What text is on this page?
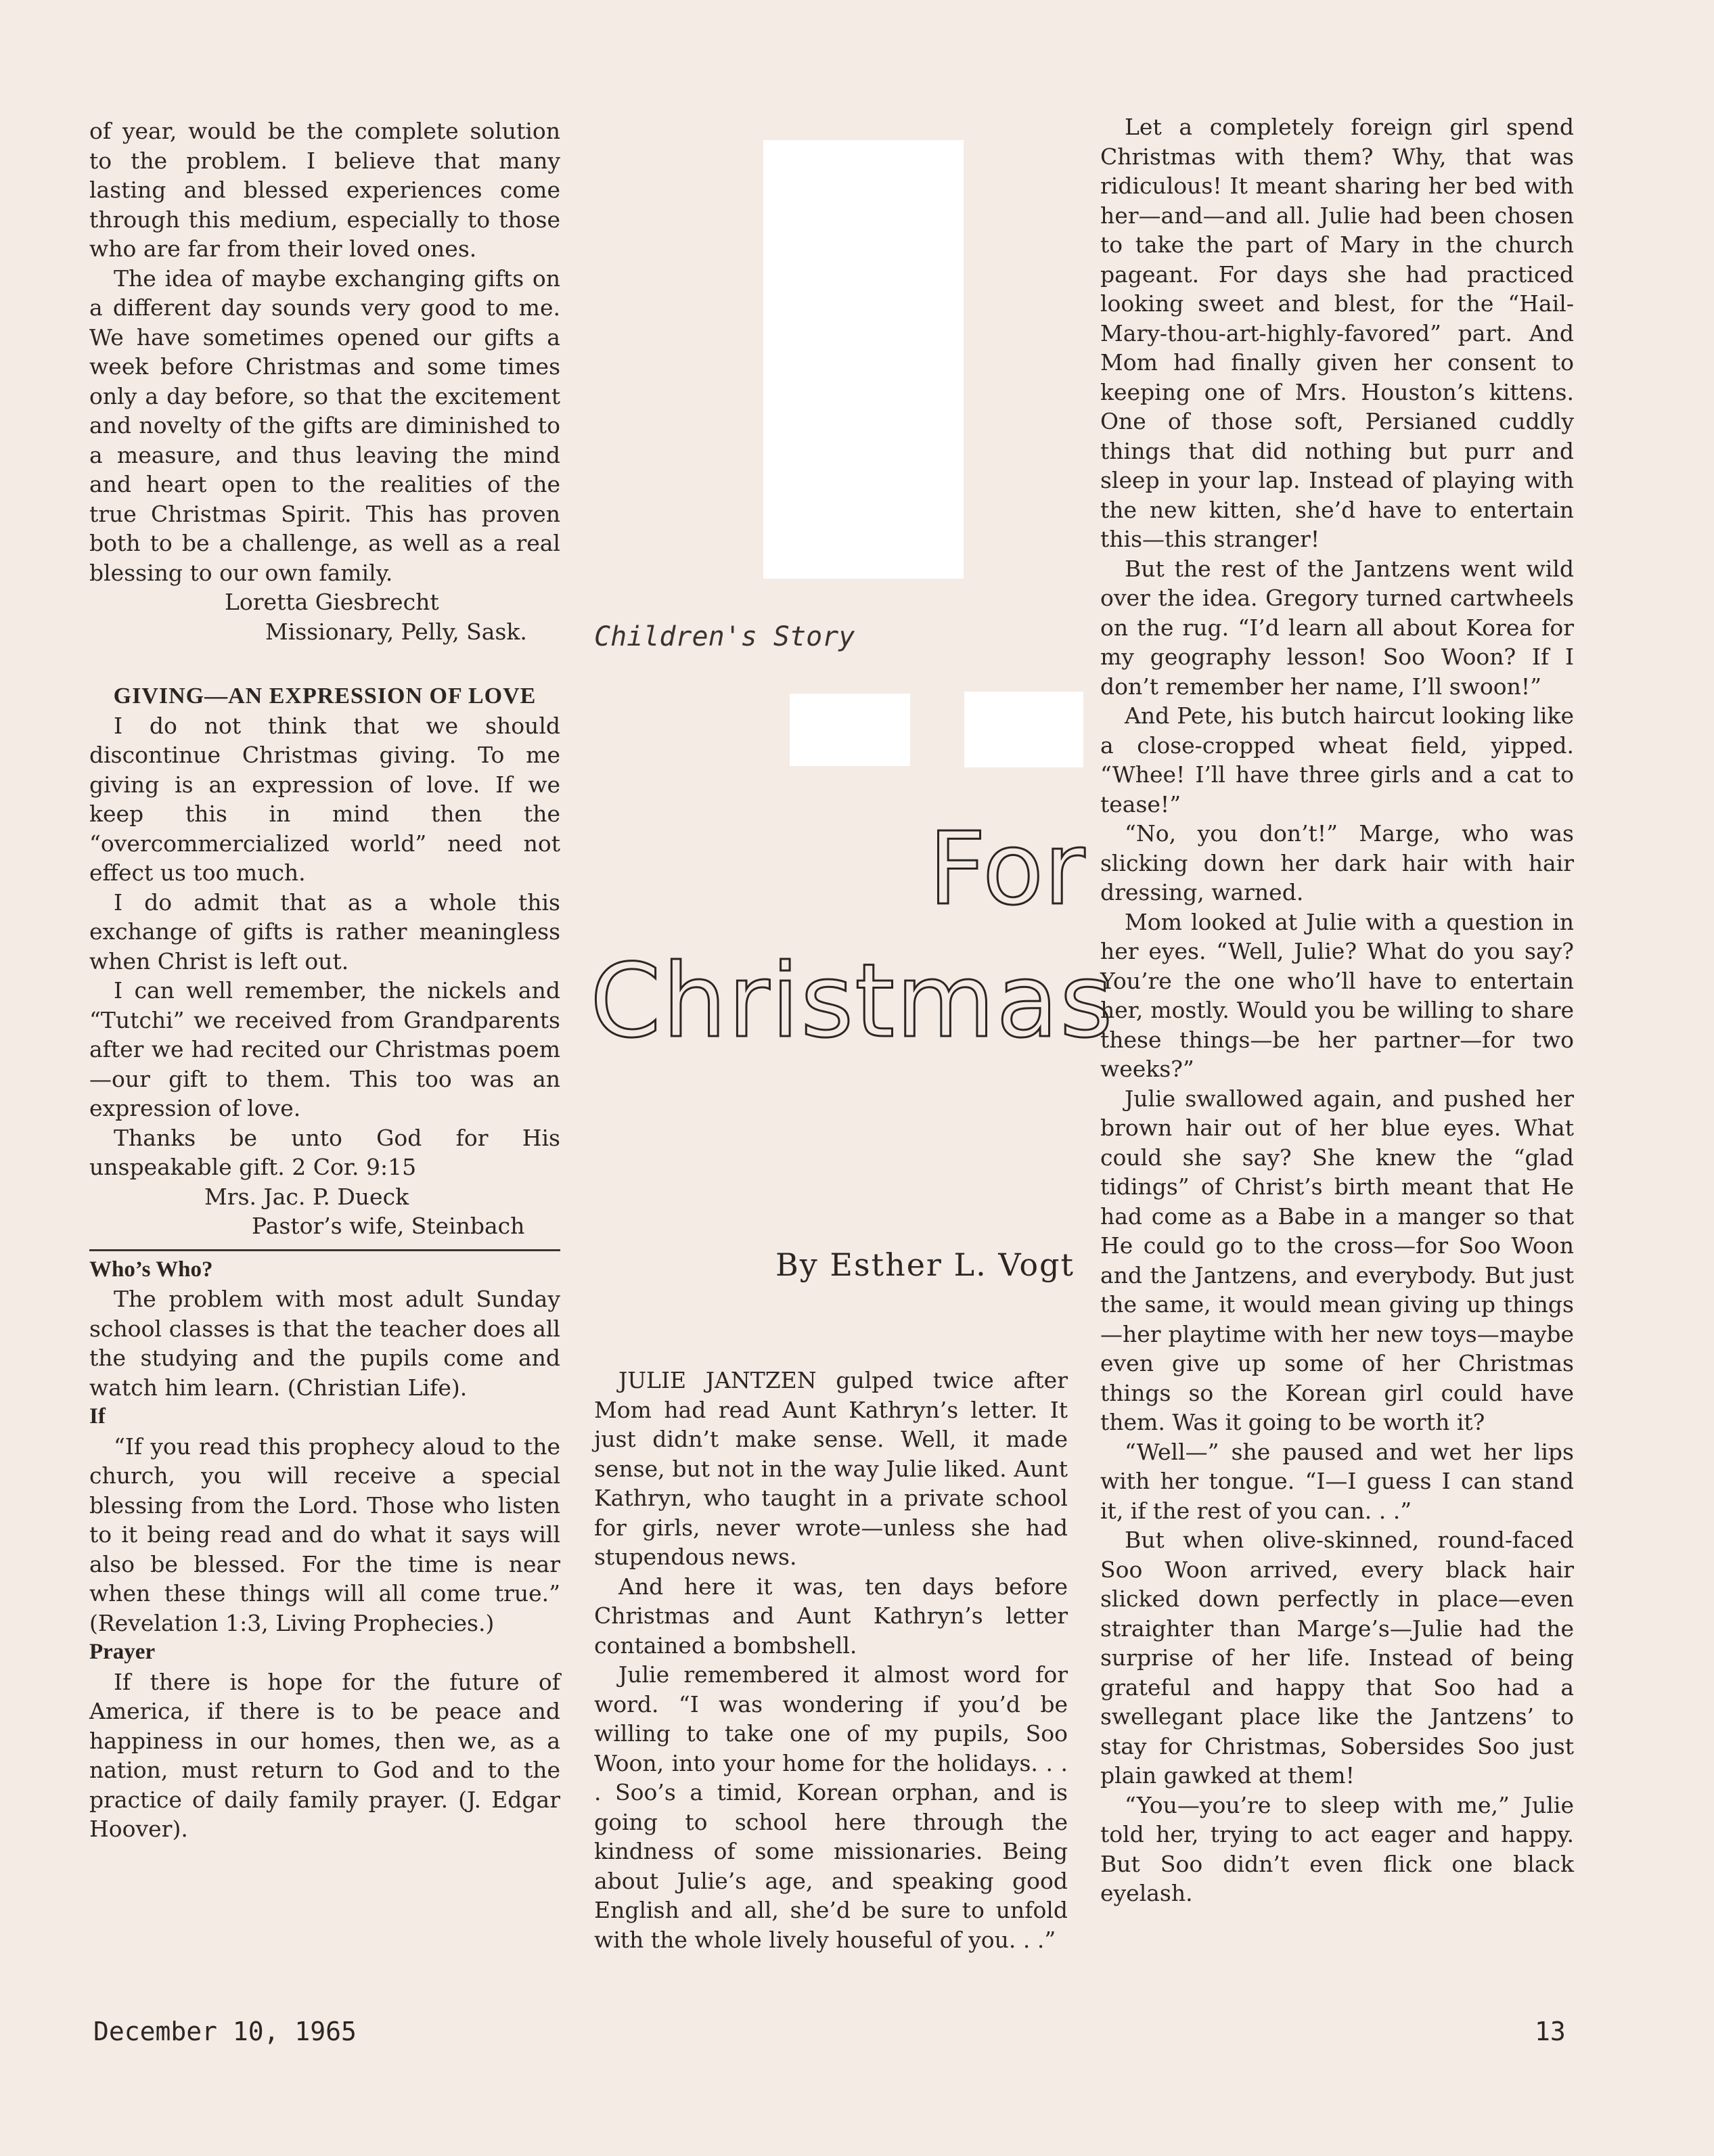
of year, would be the complete solution to the problem. I believe that many lasting and blessed experiences come through this medium, especially to those who are far from their loved ones.

The idea of maybe exchanging gifts on a different day sounds very good to me. We have sometimes opened our gifts a week before Christmas and some times only a day before, so that the excitement and novelty of the gifts are diminished to a measure, and thus leaving the mind and heart open to the realities of the true Christmas Spirit. This has proven both to be a challenge, as well as a real blessing to our own family.

Loretta Giesbrecht

Missionary, Pelly, Sask.

GIVING—AN EXPRESSION OF LOVE

I do not think that we should discontinue Christmas giving. To me giving is an expression of love. If we keep this in mind then the “overcommercialized world” need not effect us too much.

I do admit that as a whole this exchange of gifts is rather meaningless when Christ is left out.

I can well remember, the nickels and “Tutchi” we received from Grandparents after we had recited our Christmas poem—our gift to them. This too was an expression of love.

Thanks be unto God for His unspeakable gift. 2 Cor. 9:15

Mrs. Jac. P. Dueck

Pastor’s wife, Steinbach

Who’s Who?

The problem with most adult Sunday school classes is that the teacher does all the studying and the pupils come and watch him learn. (Christian Life).

If

“If you read this prophecy aloud to the church, you will receive a special blessing from the Lord. Those who listen to it being read and do what it says will also be blessed. For the time is near when these things will all come true.” (Revelation 1:3, Living Prophecies.)

Prayer

If there is hope for the future of America, if there is to be peace and happiness in our homes, then we, as a nation, must return to God and to the practice of daily family prayer. (J. Edgar Hoover).

Children's Story
For
Christmas
By Esther L. Vogt

JULIE JANTZEN gulped twice after Mom had read Aunt Kathryn’s letter. It just didn’t make sense. Well, it made sense, but not in the way Julie liked. Aunt Kathryn, who taught in a private school for girls, never wrote—unless she had stupendous news.

And here it was, ten days before Christmas and Aunt Kathryn’s letter contained a bombshell.

Julie remembered it almost word for word. “I was wondering if you’d be willing to take one of my pupils, Soo Woon, into your home for the holidays. . . . Soo’s a timid, Korean orphan, and is going to school here through the kindness of some missionaries. Being about Julie’s age, and speaking good English and all, she’d be sure to unfold with the whole lively houseful of you. . .”

Let a completely foreign girl spend Christmas with them? Why, that was ridiculous! It meant sharing her bed with her—and—and all. Julie had been chosen to take the part of Mary in the church pageant. For days she had practiced looking sweet and blest, for the “Hail-Mary-thou-art-highly-favored” part. And Mom had finally given her consent to keeping one of Mrs. Houston’s kittens. One of those soft, Persianed cuddly things that did nothing but purr and sleep in your lap. Instead of playing with the new kitten, she’d have to entertain this—this stranger!

But the rest of the Jantzens went wild over the idea. Gregory turned cartwheels on the rug. “I’d learn all about Korea for my geography lesson! Soo Woon? If I don’t remember her name, I’ll swoon!”

And Pete, his butch haircut looking like a close-cropped wheat field, yipped. “Whee! I’ll have three girls and a cat to tease!”

“No, you don’t!” Marge, who was slicking down her dark hair with hair dressing, warned.

Mom looked at Julie with a question in her eyes. “Well, Julie? What do you say? You’re the one who’ll have to entertain her, mostly. Would you be willing to share these things—be her partner—for two weeks?”

Julie swallowed again, and pushed her brown hair out of her blue eyes. What could she say? She knew the “glad tidings” of Christ’s birth meant that He had come as a Babe in a manger so that He could go to the cross—for Soo Woon and the Jantzens, and everybody. But just the same, it would mean giving up things—her playtime with her new toys—maybe even give up some of her Christmas things so the Korean girl could have them. Was it going to be worth it?

“Well—” she paused and wet her lips with her tongue. “I—I guess I can stand it, if the rest of you can. . .”

But when olive-skinned, round-faced Soo Woon arrived, every black hair slicked down perfectly in place—even straighter than Marge’s—Julie had the surprise of her life. Instead of being grateful and happy that Soo had a swellegant place like the Jantzens’ to stay for Christmas, Sobersides Soo just plain gawked at them!

“You—you’re to sleep with me,” Julie told her, trying to act eager and happy. But Soo didn’t even flick one black eyelash.

December 10, 1965	13
